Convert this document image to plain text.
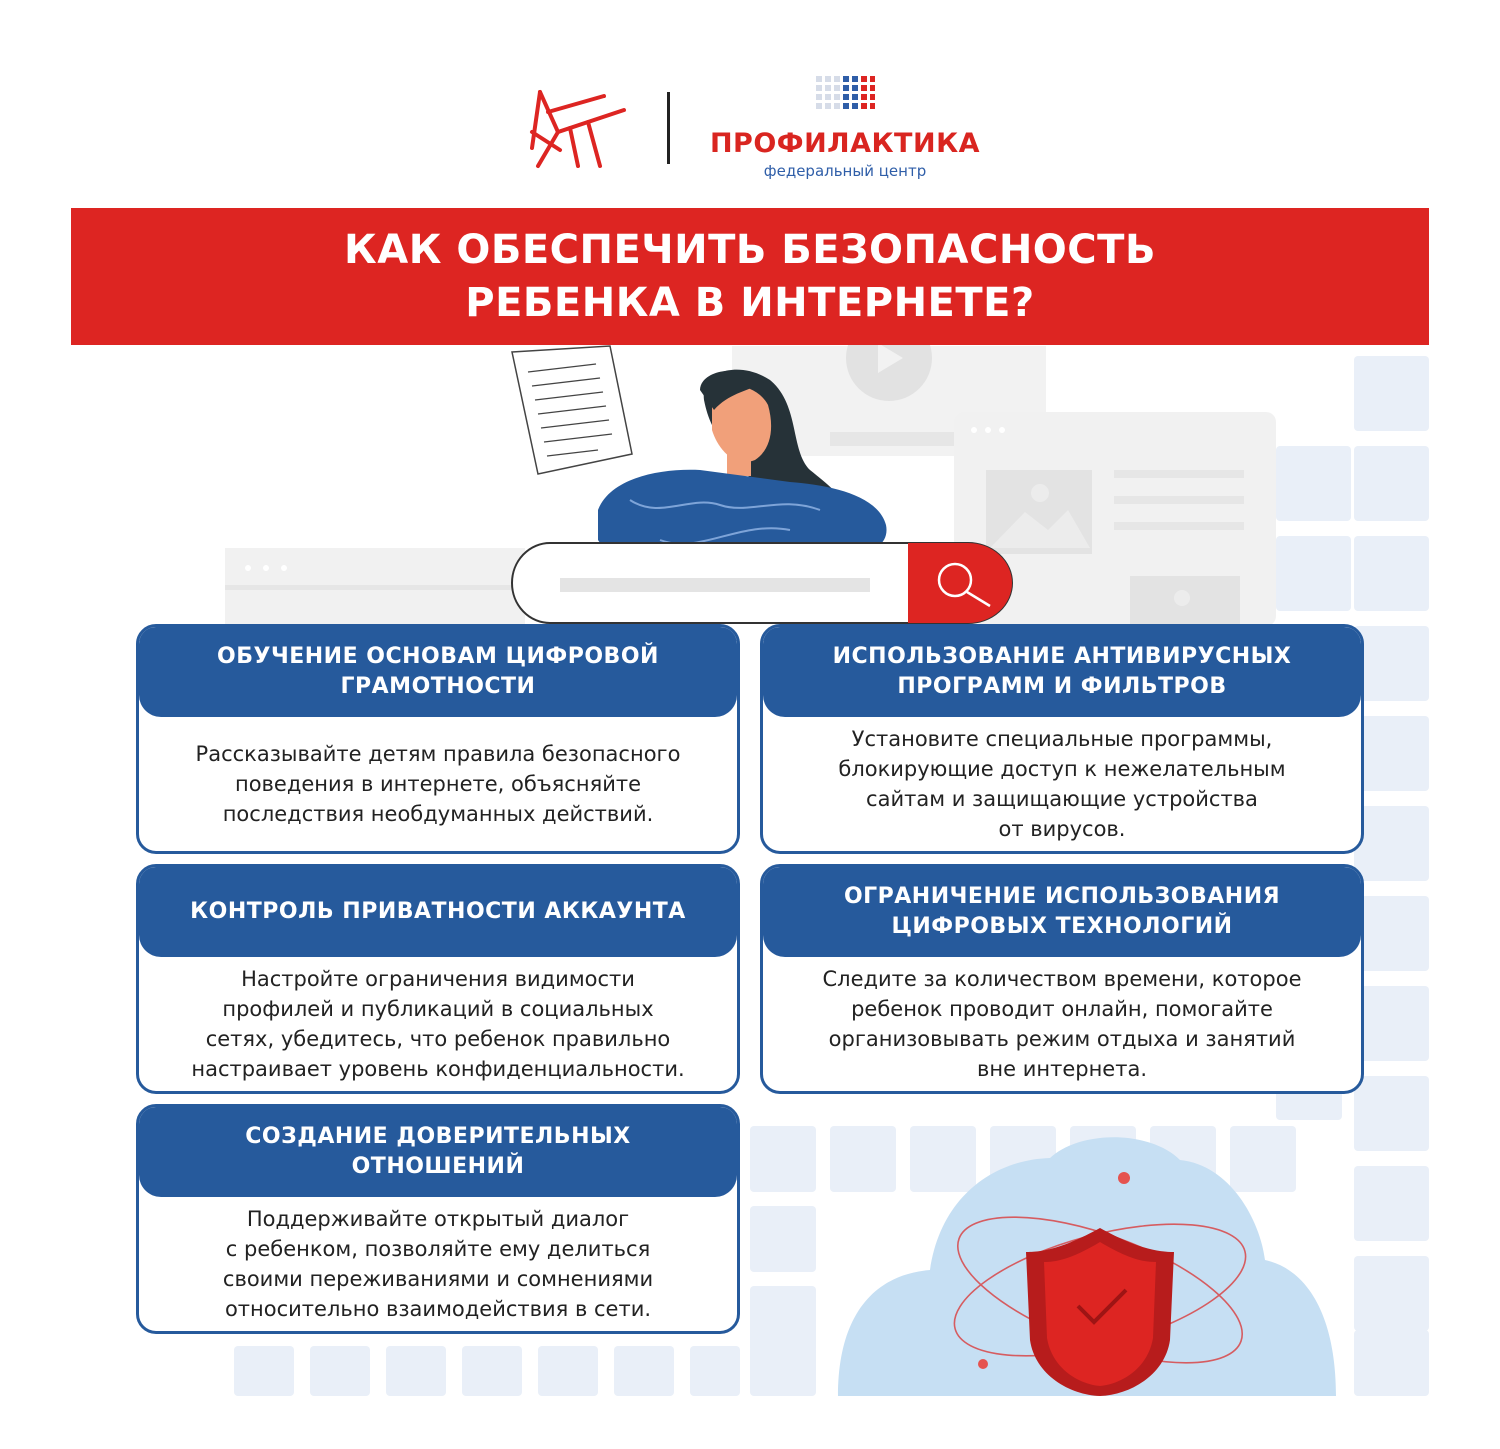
ПРОФИЛАКТИКА
федеральный центр
КАК ОБЕСПЕЧИТЬ БЕЗОПАСНОСТЬ
РЕБЕНКА В ИНТЕРНЕТЕ?
ОБУЧЕНИЕ ОСНОВАМ ЦИФРОВОЙ
ГРАМОТНОСТИ
Рассказывайте детям правила безопасного
поведения в интернете, объясняйте
последствия необдуманных действий.
ИСПОЛЬЗОВАНИЕ АНТИВИРУСНЫХ
ПРОГРАММ И ФИЛЬТРОВ
Установите специальные программы,
блокирующие доступ к нежелательным
сайтам и защищающие устройства
от вирусов.
КОНТРОЛЬ ПРИВАТНОСТИ АККАУНТА
Настройте ограничения видимости
профилей и публикаций в социальных
сетях, убедитесь, что ребенок правильно
настраивает уровень конфиденциальности.
ОГРАНИЧЕНИЕ ИСПОЛЬЗОВАНИЯ
ЦИФРОВЫХ ТЕХНОЛОГИЙ
Следите за количеством времени, которое
ребенок проводит онлайн, помогайте
организовывать режим отдыха и занятий
вне интернета.
СОЗДАНИЕ ДОВЕРИТЕЛЬНЫХ
ОТНОШЕНИЙ
Поддерживайте открытый диалог
с ребенком, позволяйте ему делиться
своими переживаниями и сомнениями
относительно взаимодействия в сети.
